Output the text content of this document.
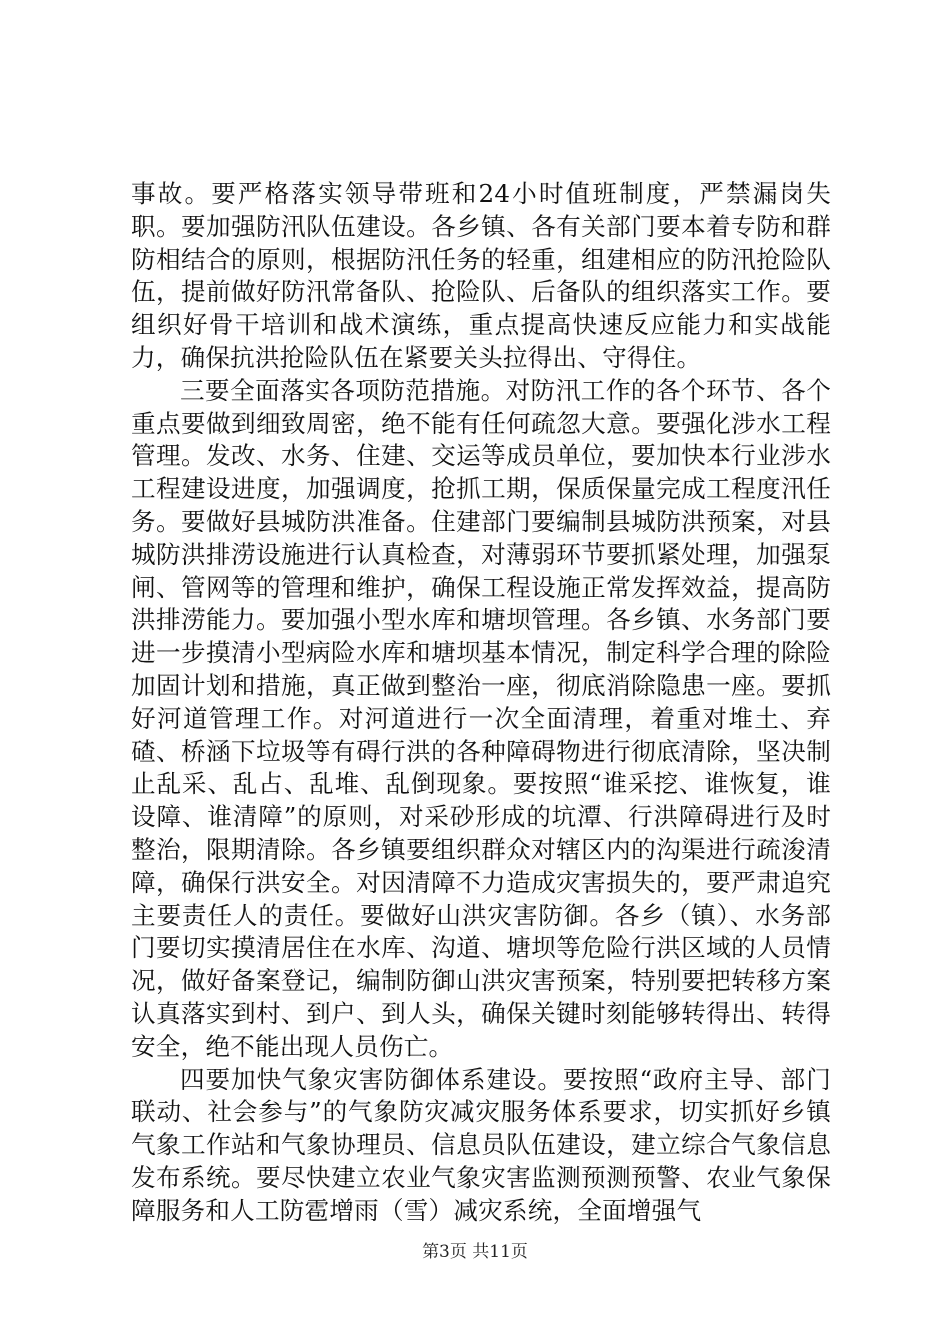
事故。要严格落实领导带班和24小时值班制度，严禁漏岗失职。要加强防汛队伍建设。各乡镇、各有关部门要本着专防和群防相结合的原则，根据防汛任务的轻重，组建相应的防汛抢险队伍，提前做好防汛常备队、抢险队、后备队的组织落实工作。要组织好骨干培训和战术演练，重点提高快速反应能力和实战能力，确保抗洪抢险队伍在紧要关头拉得出、守得住。

三要全面落实各项防范措施。对防汛工作的各个环节、各个重点要做到细致周密，绝不能有任何疏忽大意。要强化涉水工程管理。发改、水务、住建、交运等成员单位，要加快本行业涉水工程建设进度，加强调度，抢抓工期，保质保量完成工程度汛任务。要做好县城防洪准备。住建部门要编制县城防洪预案，对县城防洪排涝设施进行认真检查，对薄弱环节要抓紧处理，加强泵闸、管网等的管理和维护，确保工程设施正常发挥效益，提高防洪排涝能力。要加强小型水库和塘坝管理。各乡镇、水务部门要进一步摸清小型病险水库和塘坝基本情况，制定科学合理的除险加固计划和措施，真正做到整治一座，彻底消除隐患一座。要抓好河道管理工作。对河道进行一次全面清理，着重对堆土、弃碴、桥涵下垃圾等有碍行洪的各种障碍物进行彻底清除，坚决制止乱采、乱占、乱堆、乱倒现象。要按照“谁采挖、谁恢复，谁设障、谁清障”的原则，对采砂形成的坑潭、行洪障碍进行及时整治，限期清除。各乡镇要组织群众对辖区内的沟渠进行疏浚清障，确保行洪安全。对因清障不力造成灾害损失的，要严肃追究主要责任人的责任。要做好山洪灾害防御。各乡（镇）、水务部门要切实摸清居住在水库、沟道、塘坝等危险行洪区域的人员情况，做好备案登记，编制防御山洪灾害预案，特别要把转移方案认真落实到村、到户、到人头，确保关键时刻能够转得出、转得安全，绝不能出现人员伤亡。

四要加快气象灾害防御体系建设。要按照“政府主导、部门联动、社会参与”的气象防灾减灾服务体系要求，切实抓好乡镇气象工作站和气象协理员、信息员队伍建设，建立综合气象信息发布系统。要尽快建立农业气象灾害监测预测预警、农业气象保障服务和人工防雹增雨（雪）减灾系统，全面增强气

第3页 共11页
